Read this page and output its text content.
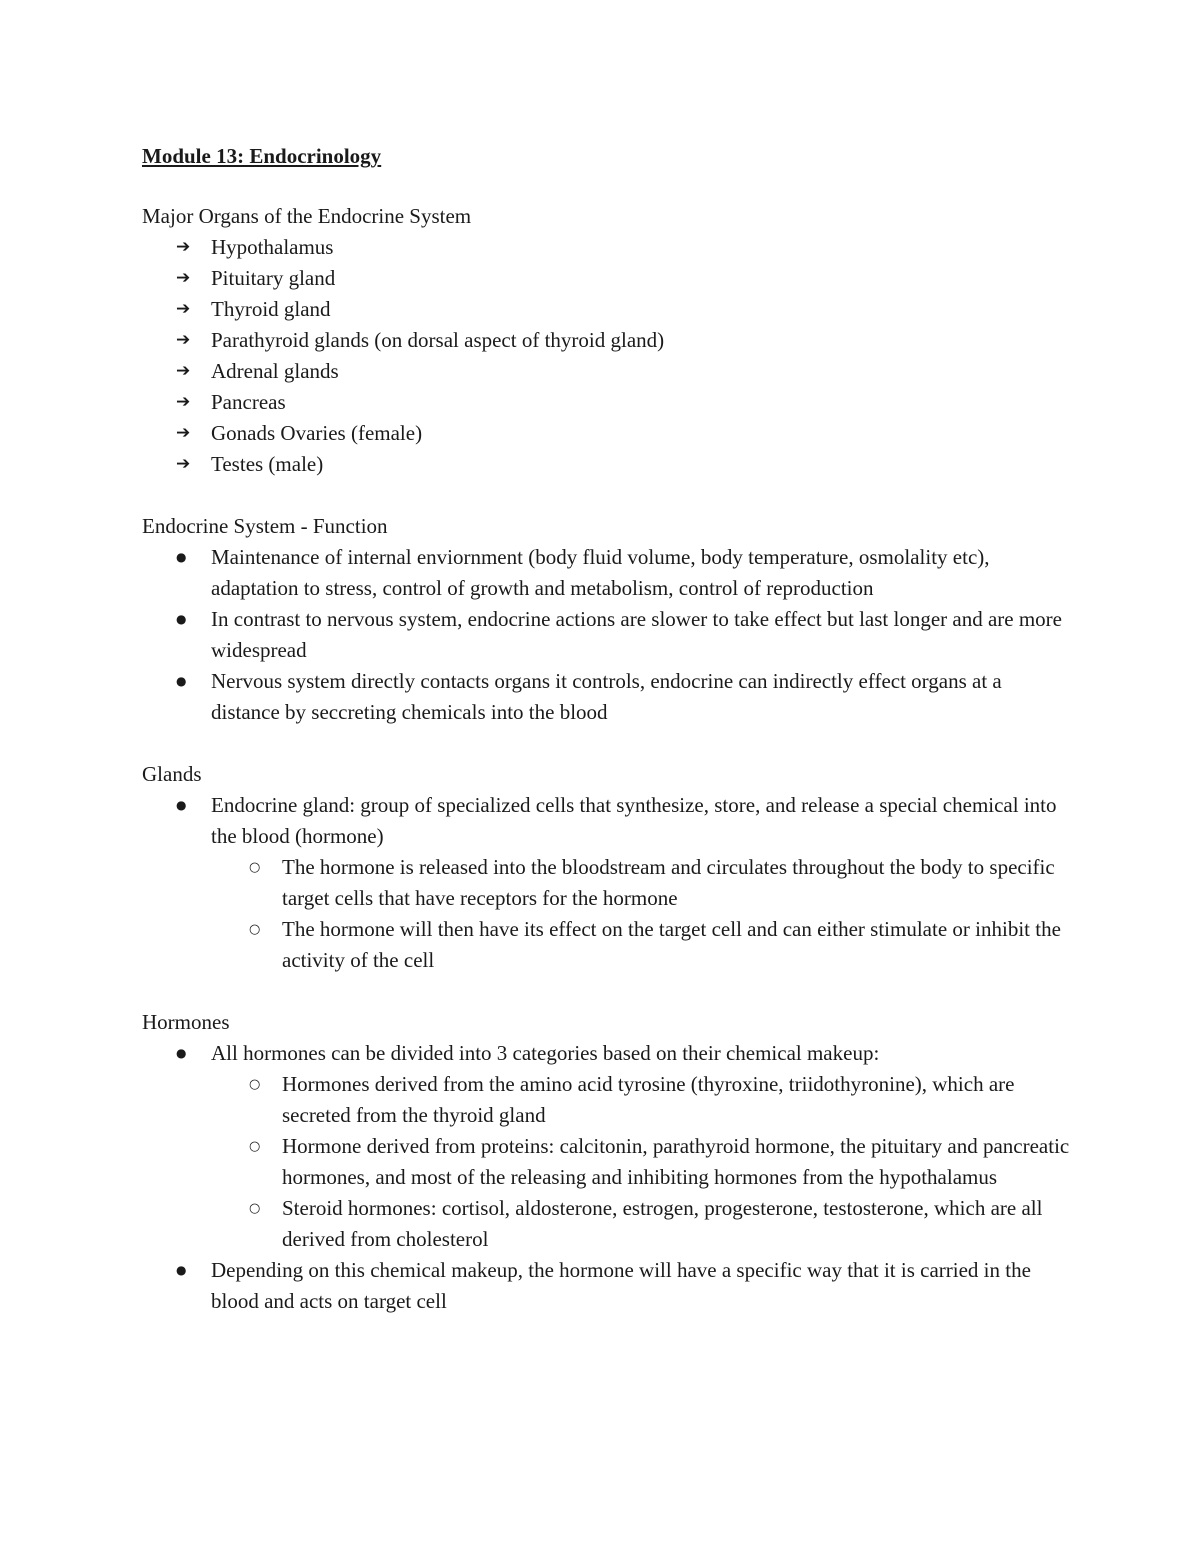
Module 13: Endocrinology
Major Organs of the Endocrine System
➔ Hypothalamus
➔ Pituitary gland
➔ Thyroid gland
➔ Parathyroid glands (on dorsal aspect of thyroid gland)
➔ Adrenal glands
➔ Pancreas
➔ Gonads Ovaries (female)
➔ Testes (male)
Endocrine System - Function
●	Maintenance of internal enviornment (body fluid volume, body temperature, osmolality etc), adaptation to stress, control of growth and metabolism, control of reproduction
●	In contrast to nervous system, endocrine actions are slower to take effect but last longer and are more widespread
●	Nervous system directly contacts organs it controls, endocrine can indirectly effect organs at a distance by seccreting chemicals into the blood
Glands
●	Endocrine gland: group of specialized cells that synthesize, store, and release a special chemical into the blood (hormone)
○ The hormone is released into the bloodstream and circulates throughout the body to specific target cells that have receptors for the hormone
○ The hormone will then have its effect on the target cell and can either stimulate or inhibit the activity of the cell
Hormones
●	All hormones can be divided into 3 categories based on their chemical makeup:
○ Hormones derived from the amino acid tyrosine (thyroxine, triidothyronine), which are secreted from the thyroid gland
○ Hormone derived from proteins: calcitonin, parathyroid hormone, the pituitary and pancreatic hormones, and most of the releasing and inhibiting hormones from the hypothalamus
○ Steroid hormones: cortisol, aldosterone, estrogen, progesterone, testosterone, which are all derived from cholesterol
●	Depending on this chemical makeup, the hormone will have a specific way that it is carried in the blood and acts on target cell
